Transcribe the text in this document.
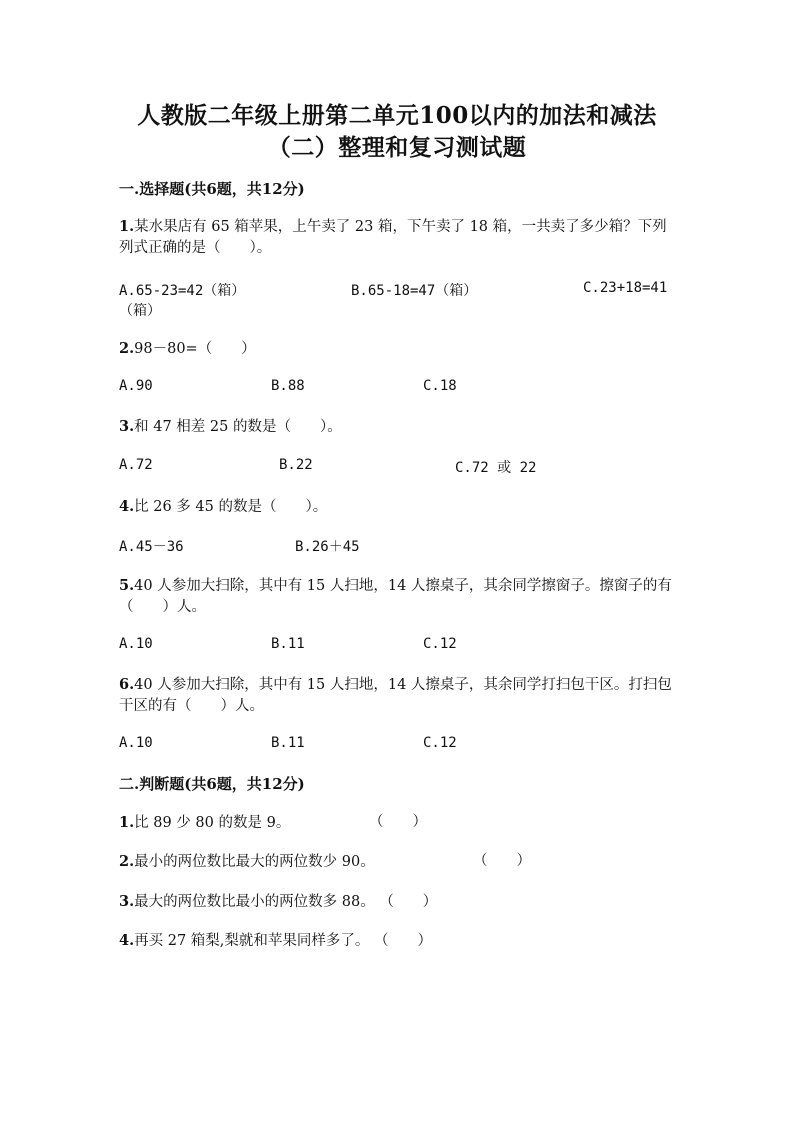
人教版二年级上册第二单元100以内的加法和减法
（二）整理和复习测试题
一.选择题(共6题，共12分)
1.某水果店有 65 箱苹果，上午卖了 23 箱，下午卖了 18 箱，一共卖了多少箱？下列列式正确的是（　　）。
A.65-23=42（箱）	B.65-18=47（箱）	C.23+18=41
（箱）
2.98－80=（　　）
A.90	B.88	C.18
3.和 47 相差 25 的数是（　　）。
A.72	B.22	C.72 或 22
4.比 26 多 45 的数是（　　）。
A.45－36	B.26＋45
5.40 人参加大扫除，其中有 15 人扫地，14 人擦桌子，其余同学擦窗子。擦窗子的有（　　）人。
A.10	B.11	C.12
6.40 人参加大扫除，其中有 15 人扫地，14 人擦桌子，其余同学打扫包干区。打扫包干区的有（　　）人。
A.10	B.11	C.12
二.判断题(共6题，共12分)
1.比 89 少 80 的数是 9。	（　　）
2.最小的两位数比最大的两位数少 90。	（　　）
3.最大的两位数比最小的两位数多 88。 （　　）
4.再买 27 箱梨,梨就和苹果同样多了。 （　　）
